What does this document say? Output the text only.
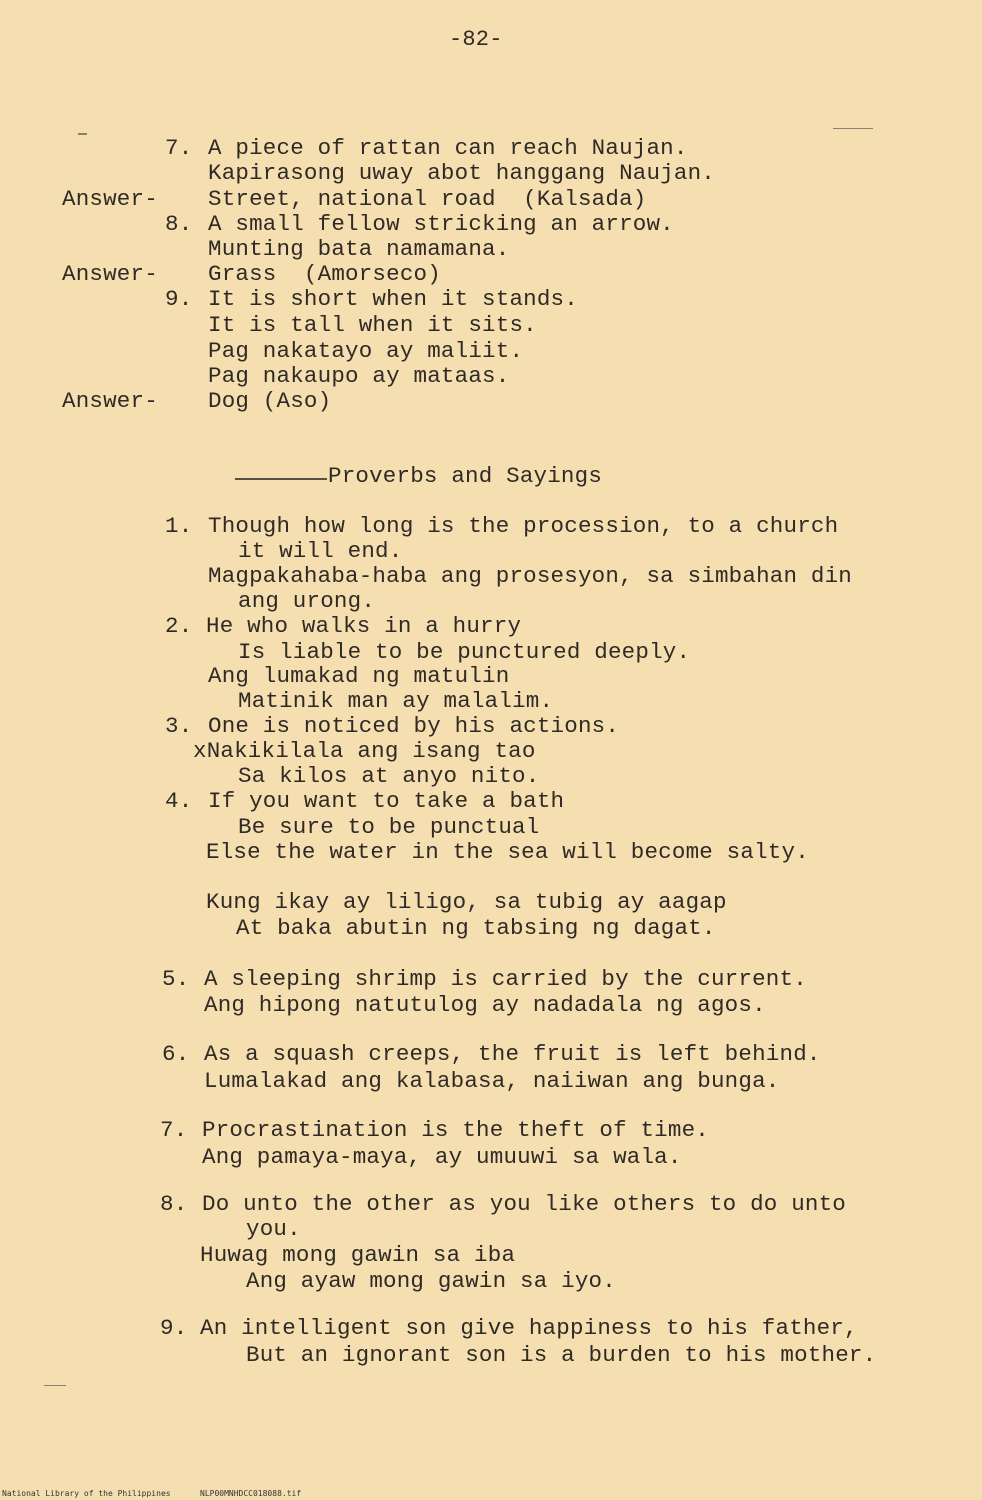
-82-
7. A piece of rattan can reach Naujan.
Kapirasong uway abot hanggang Naujan.
Answer- Street, national road  (Kalsada)
8. A small fellow stricking an arrow.
Munting bata namamana.
Answer- Grass  (Amorseco)
9. It is short when it stands.
It is tall when it sits.
Pag nakatayo ay maliit.
Pag nakaupo ay mataas.
Answer- Dog (Aso)
Proverbs and Sayings
1. Though how long is the procession, to a church
it will end.
Magpakahaba-haba ang prosesyon, sa simbahan din
ang urong.
2. He who walks in a hurry
Is liable to be punctured deeply.
Ang lumakad ng matulin
Matinik man ay malalim.
3. One is noticed by his actions.
xNakikilala ang isang tao
Sa kilos at anyo nito.
4. If you want to take a bath
Be sure to be punctual
Else the water in the sea will become salty.
Kung ikay ay liligo, sa tubig ay aagap
At baka abutin ng tabsing ng dagat.
5. A sleeping shrimp is carried by the current.
Ang hipong natutulog ay nadadala ng agos.
6. As a squash creeps, the fruit is left behind.
Lumalakad ang kalabasa, naiiwan ang bunga.
7. Procrastination is the theft of time.
Ang pamaya-maya, ay umuuwi sa wala.
8. Do unto the other as you like others to do unto
you.
Huwag mong gawin sa iba
Ang ayaw mong gawin sa iyo.
9. An intelligent son give happiness to his father,
But an ignorant son is a burden to his mother.
National Library of the Philippines	NLP00MNHDCC018088.tif
